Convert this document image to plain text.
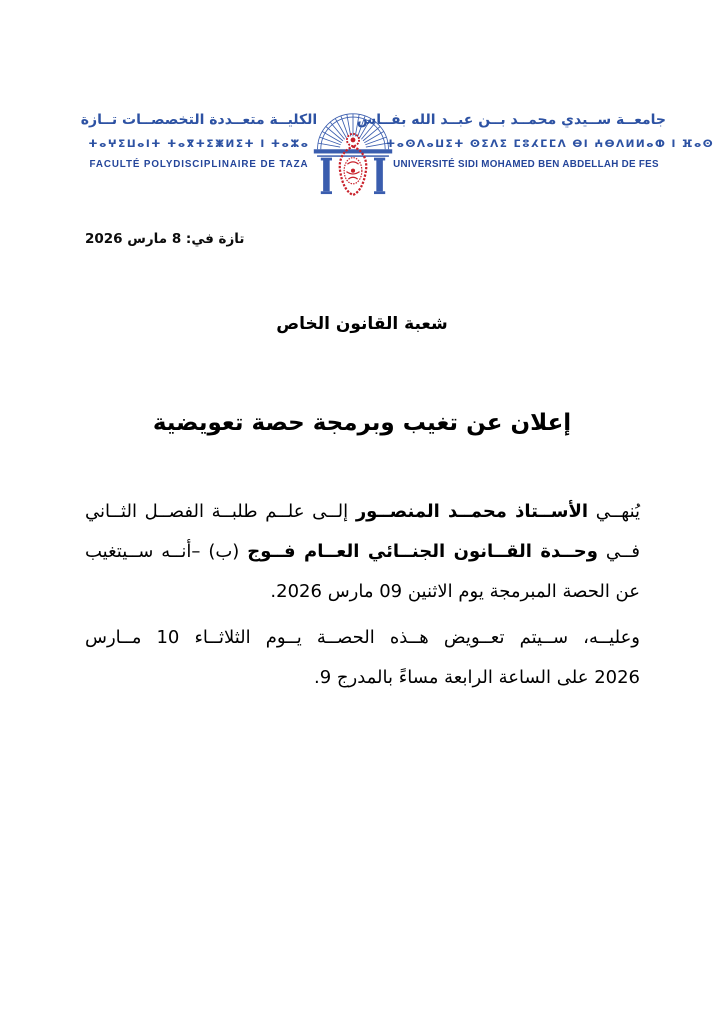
الكليــة متعــددة التخصصــات تــازة
ⵜⴰⵖⵉⵡⴰⵏⵜ ⵜⴰⴳⵜⵉⵥⵍⵉⵜ ⵏ ⵜⴰⵣⴰ
FACULTÉ POLYDISCIPLINAIRE DE TAZA
جامعــة ســيدي محمــد بــن عبــد الله بفــاس
ⵜⴰⵙⴷⴰⵡⵉⵜ ⵙⵉⴷⵉ ⵎⵓⵃⵎⵎⴷ ⴱⵏ ⵄⴱⴷⵍⵍⴰⵀ ⵏ ⴼⴰⵙ
UNIVERSITÉ SIDI MOHAMED BEN ABDELLAH DE FES
تازة في: 8 مارس 2026
شعبة القانون الخاص
إعلان عن تغيب وبرمجة حصة تعويضية
يُنهــي الأســتاذ محمــد المنصــور إلــى علــم طلبــة الفصــل الثــاني
فــي وحــدة القــانون الجنــائي العــام فــوج (ب) –أنــه ســيتغيب
عن الحصة المبرمجة يوم الاثنين 09 مارس 2026.
وعليــه، ســيتم تعــويض هــذه الحصــة يــوم الثلاثــاء 10 مــارس
2026 على الساعة الرابعة مساءً بالمدرج 9.
